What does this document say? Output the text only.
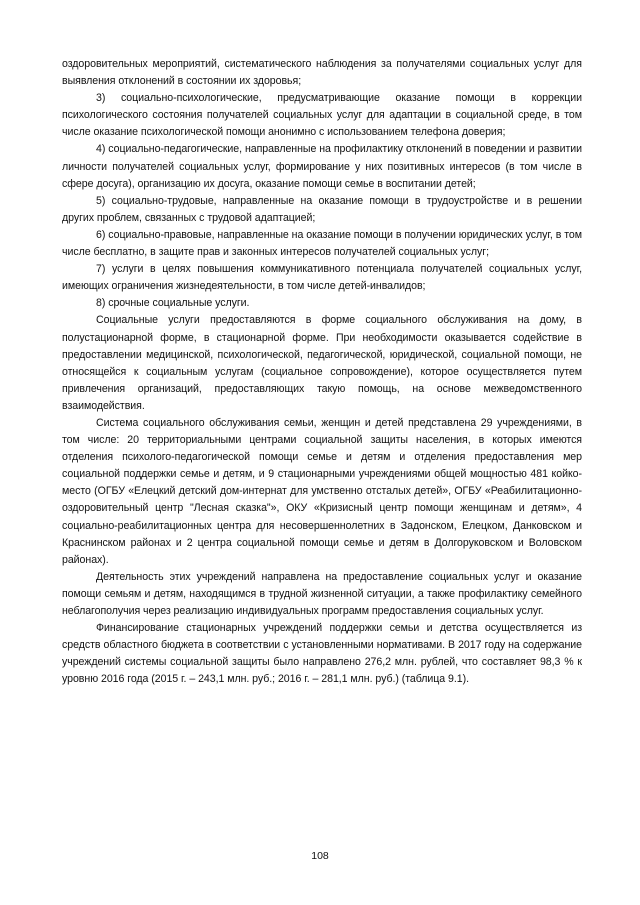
оздоровительных мероприятий, систематического наблюдения за получателями социальных услуг для выявления отклонений в состоянии их здоровья;

3) социально-психологические, предусматривающие оказание помощи в коррекции психологического состояния получателей социальных услуг для адаптации в социальной среде, в том числе оказание психологической помощи анонимно с использованием телефона доверия;

4) социально-педагогические, направленные на профилактику отклонений в поведении и развитии личности получателей социальных услуг, формирование у них позитивных интересов (в том числе в сфере досуга), организацию их досуга, оказание помощи семье в воспитании детей;

5) социально-трудовые, направленные на оказание помощи в трудоустройстве и в решении других проблем, связанных с трудовой адаптацией;

6) социально-правовые, направленные на оказание помощи в получении юридических услуг, в том числе бесплатно, в защите прав и законных интересов получателей социальных услуг;

7) услуги в целях повышения коммуникативного потенциала получателей социальных услуг, имеющих ограничения жизнедеятельности, в том числе детей-инвалидов;

8) срочные социальные услуги.

Социальные услуги предоставляются в форме социального обслуживания на дому, в полустационарной форме, в стационарной форме. При необходимости оказывается содействие в предоставлении медицинской, психологической, педагогической, юридической, социальной помощи, не относящейся к социальным услугам (социальное сопровождение), которое осуществляется путем привлечения организаций, предоставляющих такую помощь, на основе межведомственного взаимодействия.

Система социального обслуживания семьи, женщин и детей представлена 29 учреждениями, в том числе: 20 территориальными центрами социальной защиты населения, в которых имеются отделения психолого-педагогической помощи семье и детям и отделения предоставления мер социальной поддержки семье и детям, и 9 стационарными учреждениями общей мощностью 481 койко-место (ОГБУ «Елецкий детский дом-интернат для умственно отсталых детей», ОГБУ «Реабилитационно-оздоровительный центр "Лесная сказка"», ОКУ «Кризисный центр помощи женщинам и детям», 4 социально-реабилитационных центра для несовершеннолетних в Задонском, Елецком, Данковском и Краснинском районах и 2 центра социальной помощи семье и детям в Долгоруковском и Воловском районах).

Деятельность этих учреждений направлена на предоставление социальных услуг и оказание помощи семьям и детям, находящимся в трудной жизненной ситуации, а также профилактику семейного неблагополучия через реализацию индивидуальных программ предоставления социальных услуг.

Финансирование стационарных учреждений поддержки семьи и детства осуществляется из средств областного бюджета в соответствии с установленными нормативами. В 2017 году на содержание учреждений системы социальной защиты было направлено 276,2 млн. рублей, что составляет 98,3 % к уровню 2016 года (2015 г. – 243,1 млн. руб.; 2016 г. – 281,1 млн. руб.) (таблица 9.1).

108
